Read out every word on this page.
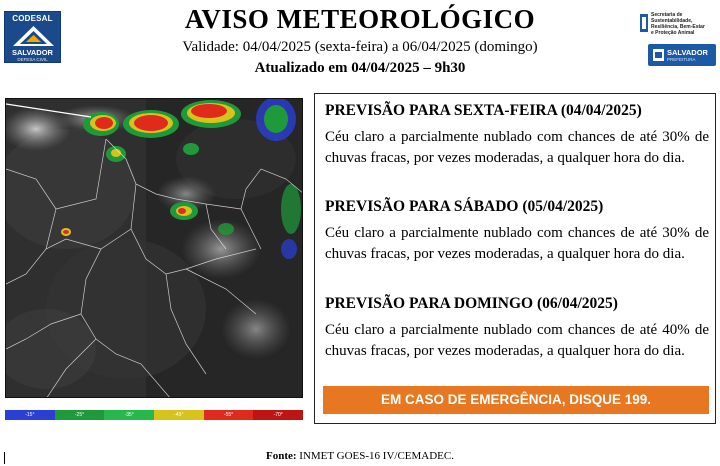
CODESAL
SALVADOR
DEFESA CIVIL
AVISO METEOROLÓGICO
Validade: 04/04/2025 (sexta-feira) a 06/04/2025 (domingo)
Atualizado em 04/04/2025 – 9h30
Secretaria de
Sustentabilidade,
Resiliência, Bem-Estar
e Proteção Animal
SALVADOR
PREFEITURA
-15°	-25°	-35°	-45°	-55°	-70°
PREVISÃO PARA SEXTA-FEIRA (04/04/2025)
Céu claro a parcialmente nublado com chances de até 30% de chuvas fracas, por vezes moderadas, a qualquer hora do dia.
PREVISÃO PARA SÁBADO (05/04/2025)
Céu claro a parcialmente nublado com chances de até 30% de chuvas fracas, por vezes moderadas, a qualquer hora do dia.
PREVISÃO PARA DOMINGO (06/04/2025)
Céu claro a parcialmente nublado com chances de até 40% de chuvas fracas, por vezes moderadas, a qualquer hora do dia.
EM CASO DE EMERGÊNCIA, DISQUE 199.
Fonte: INMET GOES-16 IV/CEMADEC.
